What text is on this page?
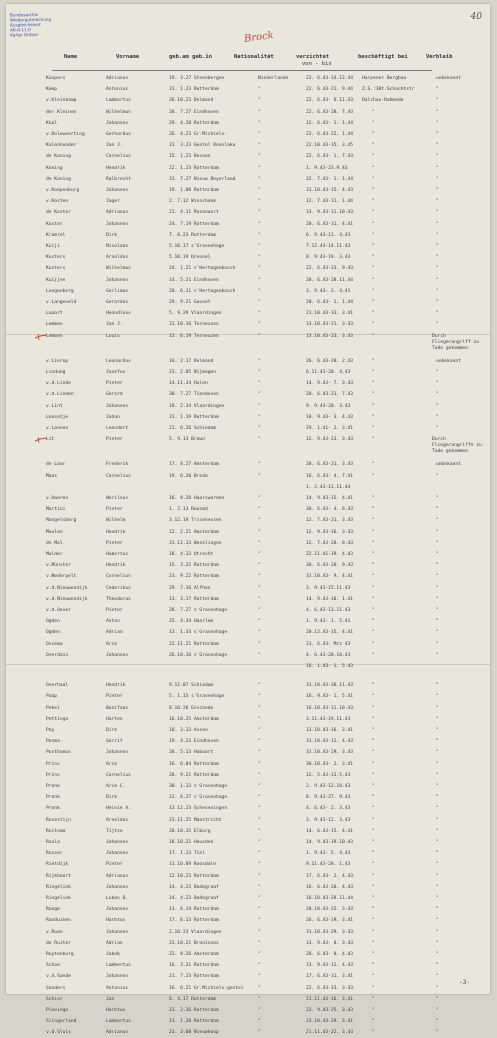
Bundesarchiv
Wiedergutmachung
Ausgleichsamt
AR-0-11-0
Kartei Ordner
40
Brock
Name	Vorname	geb.am geb.in	Nationalität	verzichtet
von - bis
beschäftigt bei	Verbleib
Kaspers	Adrianus	19. 3.27 Steenbergen	Niederlande	22. 6.43-14.12.44 Harpener Bergbau	unbekannt
Kemp	Antonius	31. 1.23 Rotterdam	"	22. 6.43-21. 9.44 Z.S.:3Kt.Schachtstr	"
v.Kleinkamp	Lambertus	26.10.23 Delmond	"	22. 6.43- 6.11.43 Dalchau-Rahmede	"
der Kleinen	Wilhelmus	28. 7.27 Eindhoven	"	22. 6.43-28. 7.43	"	"
Knol	Johannes	29. 4.20 Rotterdam	"	12. 6.43- 1. 1.44	"	"
v.Doleweerting	Gerhardus	26. 4.23 Gr.Michiels-	"	22. 6.43-22. 1.44	"	"
Kalenhonder	Jan J.	23. 3.23 Gestel Roeslaka	"	22.10.43-15. 3.45	"	"
de Koning	Cornelius	15. 1.23 Besoen	"	22. 6.43- 1. 7.43	"	"
Koning	Hendrik	22. 1.23 Rotterdam	"	1. 9.43-23.9.43	"	"
de Koning	Ralbrecht	31. 7.27 Nieuw Beyerland	"	22. 7.43- 1. 1.44	"	"
v.Koopenburg	Johannes	19. 1.08 Rotterdam	"	31.10.43-15. 4.43	"	"
v.Kosten	Jager	2. 7.12 Winschoek	"	12. 7.43-11. 1.44	"	"
de Koster	Adrianus	21. 4.11 Rozenoort	"	13. 9.43-11.10.43	"	"
Koster	Johannes	24. 7.19 Rotterdam	"	20. 6.43-11. 4.41	"	"
Kramrel	Dirk	7. 8.23 Rotterdam	"	6. 9.43-11. 4.43	"	"
Kuiji	Nicolaas	5.10.17 s'Gravenhage	"	7.12.43-14.11.43	"	"
Kusters	Arnoldus	5.10.19 Dreunel	"	8. 9.43-19. 3.43	"	"
Kusters	Wilhelmus	24. 1.21 s'Hertogenbosch	"	22. 6.43-23. 9.43	"	"
Kuijjen	Johannes	14. 5.21 Eindhoven	"	28. 6.43-28.11.44	"	"
Langenberg	Gerlimus	20. 6.11 s'Hertogenbosch	"	3. 9.43- 2. 4.41	"	"
v.Langeveld	Gerardus	29. 9.21 Gouvet	"	20. 6.43- 1. 1.44	"	"
Laaart	Henndlous	5. 9.29 Vlaardingen	"	21.10.43-13. 3.41	"	"
Lemmen	Jan J.	31.10.16 Terneuzen	"	13.10.43-21. 3.43	"	"
Lemmen	Louis	13. 6.19 Terneuzen	"	13.10.43-23. 3.43	"	Durch Fliegerangriff zu Tode gekommen
v.Lierop	Leonardus	16. 2.17 Delmond	"	26. 6.43-20. 2.43	"	unbekannt
Lindung	Josefus	23. 2.05 Nijmegen	"	6.11.43-20. 4.43	"	"
v.d.Linde	Pieter	14.11.34 Hulen	"	14. 9.43- 7. 3.43	"	"
v.d.Linden	Gerard	30. 7.27 Tiendoven	"	20. 6.43-21. 7.43	"	"
v.Lint	Johannes	18. 2.34 Vlaardingen	"	9. 9.43-20. 3.43	"	"
Loosetje	Johan	31. 1.19 Rotterdam	"	18. 9.43- 3. 4.43	"	"
v.Loenen	Leendert	21. 6.26 Schiedam	"	29. 1.41- 2. 3.41	"	"
Lit	Pieter	5. 9.13 Brown	"	12. 9.43-23. 3.43	"	Durch Fliegerangriffe zu Tode gekommen
de Loor	Frederik	17. 4.27 Amsterdam	"	28. 6.43-21. 3.43	"	unbekannt
Maas	Cornelius	19. 6.20 Breda	"	16. 6.43- 4. 7.41	"	"
1. 2.43-11.11.44
v.Haeren	Nerilnus	16. 8.20 Haarswarden	"	14. 9.43-15. 4.41	"	"
Martini	Pieter	1. 2.13 Roosmd	"	30. 6.43- 4. 6.43	"	"
Mangelsberg	Wilhelm	3.12.19 Tricenessen	"	12. 7.43-21. 3.43	"	"
Meulen	Hendrik	12. 2.21 Amsterdam	"	12. 9.43-16. 3.43	"	"
de Mol	Pieter	31.12.13 Wezelingen	"	12. 7.43-28. 8.43	"	"
Mulder	Hubertus	18. 4.13 Utrecht	"	22.11.41-19. 4.43	"	"
v.Münster	Hendrik	15. 3.22 Rotterdam	"	30. 6.43-20. 9.43	"	"
v.Nederpelt	Cornelius	23. 9.22 Rotterdam	"	31.10.43- 9. 4.41	"	"
v.d.Nieuwendijk	Cederikus	29. 7.16 Alfhen	"	3. 9.43-15.11.43	"	"
v.d.Nieuwendijk	Theodorus	13. 3.17 Rotterdam	"	14. 9.43-10. 1.41	"	"
v.d.Oever	Pieter	28. 7.27 s'Gravenhage	"	4. 6.43-13.11.43	"	"
Ogden	Anton	25. 4.34 Haarlem	"	1. 9.43- 1. 5.41	"	"
Ogden	Adrian	13. 1.33 s'Gravenhage	"	20.12.43-15. 4.41	"	"
Ossema	Arie	22.11.21 Rotterdam	"	21. 6.43- Mrz 43	"	"
Overdain	Johannes	26.10.16 s'Gravenhage	"	4. 6.43-20.10.43	"	"
16. 1.43- 1. 5.43
Overhaal	Hendrik	9.12.07 Schiedam	"	31.10.43-30.11.43	"	"
Paap	Pieter	5. 1.15 s'Gravenhage	"	16. 9.43- 1. 5.41	"	"
Pekel	Bonifaas	8.10.26 Enschede	"	16.10.43-11.10.43	"	"
Pettinga	Harten	16.10.25 Amsterdam	"	3.11.43-19.11.43	"	"
Poy	Dirk	10. 3.13 Assen	"	13.10.43-16. 3.41	"	"
Posma	Gerrit	19. 4.23 Eindhoven	"	31.10.43-12. 4.43	"	"
Posthumus	Johannes	28. 5.13 Hoboort	"	31.10.43-29. 3.43	"	"
Prins	Arie	16. 6.04 Rotterdam	"	30.10.43- 2. 3.41	"	"
Prins	Cornelius	28. 9.21 Rotterdam	"	12. 5.43-13.5.43	"	"
Pronk	Arie C.	30. 1.13 s'Gravenhage	"	2. 9.43-12.10.43	"	"
Pronk	Dirk	12. 6.27 s'Gravenhage	"	8. 9.43-27. 9.43	"	"
Pronk	Heinie A.	13.12.23 Scheveningen	"	4. 6.43- 2. 3.43	"	"
Rovestijn	Arnoldus	23.11.25 Maastricht	"	3. 9.43-12. 3.43	"	"
Reitema	Tijtse	20.10.15 Elburg	"	14. 6.43-15. 4.41	"	"
Roula	Johannes	18.10.21 Heusden	"	14. 9.43-19.10.43	"	"
Rosser	Johannes	17. 1.13 Tiel	"	1. 9.43- 5. 4.43	"	"
Rietdijk	Pieter	11.10.09 Roosdale	"	9.11.43-28. 1.43	"	"
Rijkhoort	Adrianus	12.10.23 Rotterdam	"	17. 6.43- 2. 4.43	"	"
Ringelink	Johannes	14. 4.23 Bodegraaf	"	16. 6.43-20. 4.43	"	"
Ringelink	Lukas D.	14. 4.23 Bodegraaf	"	16.10.43-28.11.44	"	"
Rooge	Johannes	13. 6.14 Rotterdam	"	20.10.43-22. 3.43	"	"
Rooduinen	Harbtus	17. 6.13 Rotterdam	"	26. 6.43-19. 3.41	"	"
v.Roon	Johannes	2.10.23 Vlaardingen	"	31.10.43-29. 3.43	"	"
de Ruiter	Adrian	23.10.21 Broninzos	"	13. 9.43- 8. 3.43	"	"
Ruytenburg	Jakob	22. 8.26 Amsterdam	"	28. 6.43- 8. 4.43	"	"
Schoe	Lambertus	16. 3.21 Rotterdam	"	13. 9.43-12. 4.43	"	"
v.d.Sande	Johannes	21. 7.23 Rotterdam	"	17. 6.43-11. 3.41	"	"
Sanders	Antonius	16. 6.21 Gr.Michiels-gestel	"	22. 6.43-13. 3.43	"	"
Schier	Jan	6. 4.17 Rotterdam	"	21.11.43-16. 3.41	"	"
Ploeinge	Harbtus	23. 2.16 Rotterdam	"	23. 9.43-25. 3.43	"	"
Slingerland	Lambertus	13. 1.20 Rotterdam	"	23.10.43-29. 3.41	"	"
v.d.Sluis	Adrianus	23. 3.08 Nieuwkoop	"	21.11.43-22. 3.43	"	"
-3-
